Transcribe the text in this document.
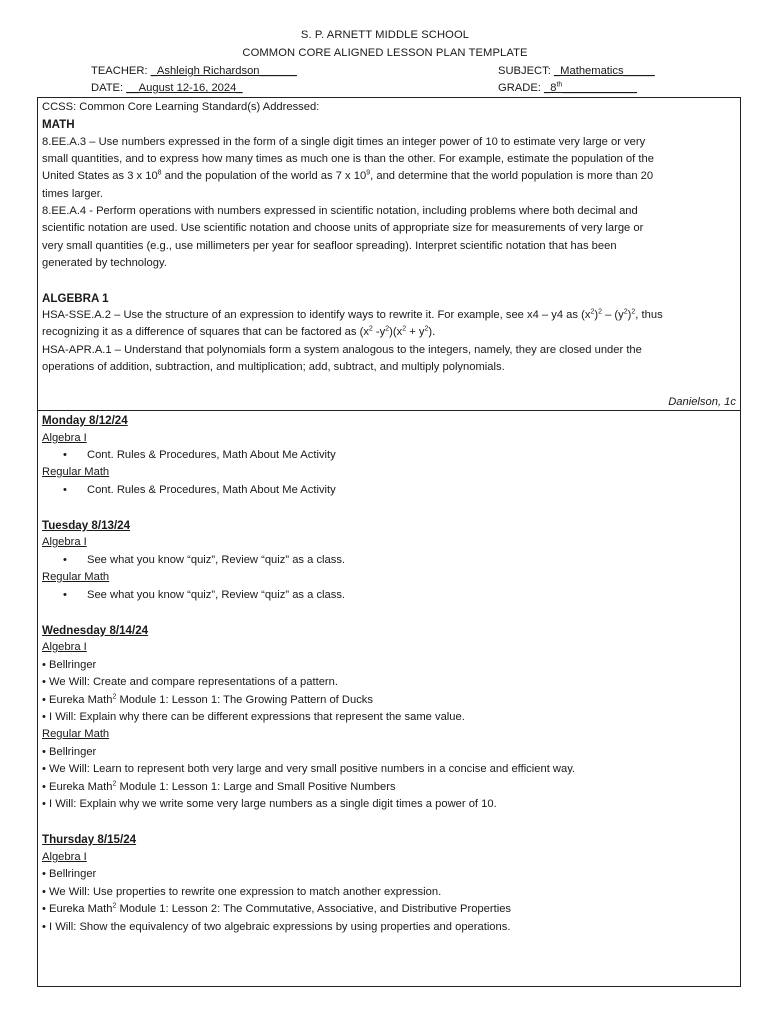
S. P. ARNETT MIDDLE SCHOOL
COMMON CORE ALIGNED LESSON PLAN TEMPLATE
TEACHER: _Ashleigh Richardson______	SUBJECT: _Mathematics_____
DATE: __August 12-16, 2024_	GRADE: _8th____________
CCSS: Common Core Learning Standard(s) Addressed:
MATH
8.EE.A.3 – Use numbers expressed in the form of a single digit times an integer power of 10 to estimate very large or very
small quantities, and to express how many times as much one is than the other. For example, estimate the population of the
United States as 3 x $10^8$ and the population of the world as 7 x $10^9$, and determine that the world population is more than 20
times larger.
8.EE.A.4 - Perform operations with numbers expressed in scientific notation, including problems where both decimal and
scientific notation are used. Use scientific notation and choose units of appropriate size for measurements of very large or
very small quantities (e.g., use millimeters per year for seafloor spreading). Interpret scientific notation that has been
generated by technology.
ALGEBRA 1
HSA-SSE.A.2 – Use the structure of an expression to identify ways to rewrite it. For example, see x4 – y4 as $(x^2)^2 - (y^2)^2$, thus
recognizing it as a difference of squares that can be factored as ($x^2$ $-y^2)(x^2 + y^2)$.
HSA-APR.A.1 – Understand that polynomials form a system analogous to the integers, namely, they are closed under the
operations of addition, subtraction, and multiplication; add, subtract, and multiply polynomials.
Danielson, 1c
Monday 8/12/24
Algebra I
• Cont. Rules & Procedures, Math About Me Activity
Regular Math
• Cont. Rules & Procedures, Math About Me Activity
Tuesday 8/13/24
Algebra I
• See what you know “quiz”, Review “quiz” as a class.
Regular Math
• See what you know “quiz”, Review “quiz” as a class.
Wednesday 8/14/24
Algebra I
• Bellringer
• We Will: Create and compare representations of a pattern.
• Eureka Math$^2$ Module 1: Lesson 1: The Growing Pattern of Ducks
• I Will: Explain why there can be different expressions that represent the same value.
Regular Math
• Bellringer
• We Will: Learn to represent both very large and very small positive numbers in a concise and efficient way.
• Eureka Math$^2$ Module 1: Lesson 1: Large and Small Positive Numbers
• I Will: Explain why we write some very large numbers as a single digit times a power of 10.
Thursday 8/15/24
Algebra I
• Bellringer
• We Will: Use properties to rewrite one expression to match another expression.
• Eureka Math$^2$ Module 1: Lesson 2: The Commutative, Associative, and Distributive Properties
• I Will: Show the equivalency of two algebraic expressions by using properties and operations.
